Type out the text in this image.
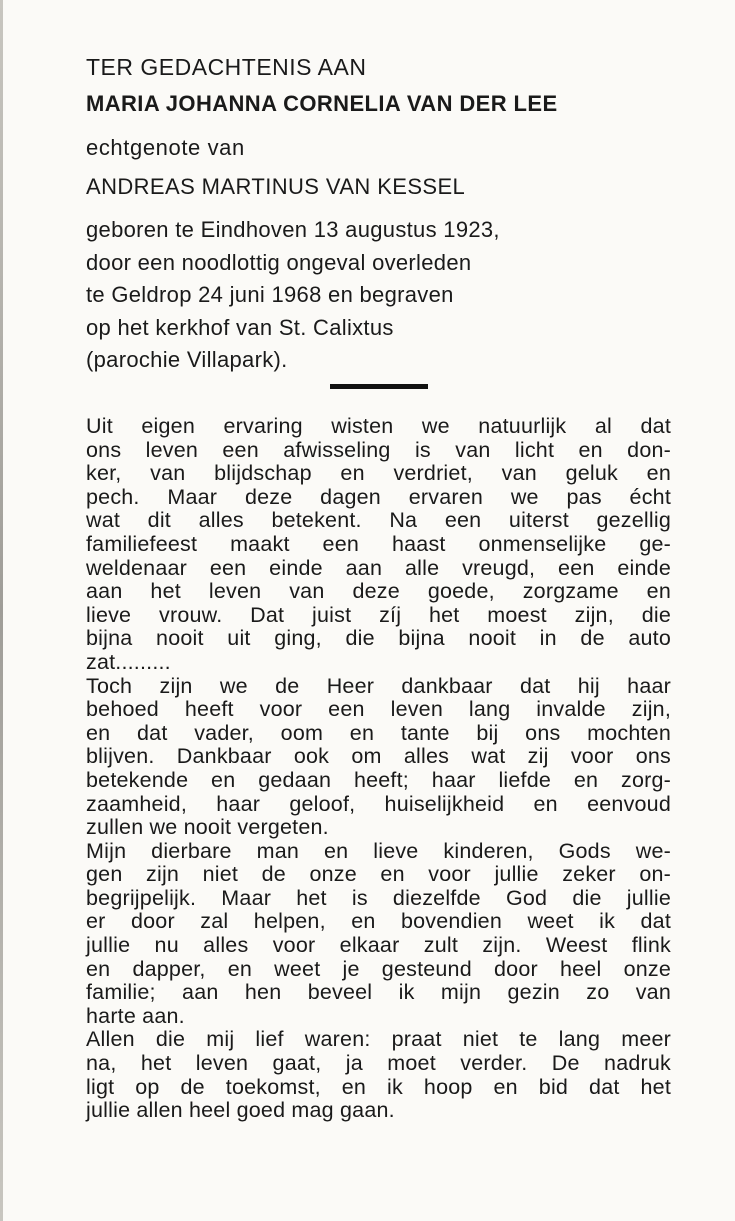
TER GEDACHTENIS AAN
MARIA JOHANNA CORNELIA VAN DER LEE
echtgenote van
ANDREAS MARTINUS VAN KESSEL
geboren te Eindhoven 13 augustus 1923,
door een noodlottig ongeval overleden
te Geldrop 24 juni 1968 en begraven
op het kerkhof van St. Calixtus
(parochie Villapark).
Uit eigen ervaring wisten we natuurlijk al dat
ons leven een afwisseling is van licht en don-
ker, van blijdschap en verdriet, van geluk en
pech. Maar deze dagen ervaren we pas écht
wat dit alles betekent. Na een uiterst gezellig
familiefeest maakt een haast onmenselijke ge-
weldenaar een einde aan alle vreugd, een einde
aan het leven van deze goede, zorgzame en
lieve vrouw. Dat juist zíj het moest zijn, die
bijna nooit uit ging, die bijna nooit in de auto
zat.........
Toch zijn we de Heer dankbaar dat hij haar
behoed heeft voor een leven lang invalde zijn,
en dat vader, oom en tante bij ons mochten
blijven. Dankbaar ook om alles wat zij voor ons
betekende en gedaan heeft; haar liefde en zorg-
zaamheid, haar geloof, huiselijkheid en eenvoud
zullen we nooit vergeten.
Mijn dierbare man en lieve kinderen, Gods we-
gen zijn niet de onze en voor jullie zeker on-
begrijpelijk. Maar het is diezelfde God die jullie
er door zal helpen, en bovendien weet ik dat
jullie nu alles voor elkaar zult zijn. Weest flink
en dapper, en weet je gesteund door heel onze
familie; aan hen beveel ik mijn gezin zo van
harte aan.
Allen die mij lief waren: praat niet te lang meer
na, het leven gaat, ja moet verder. De nadruk
ligt op de toekomst, en ik hoop en bid dat het
jullie allen heel goed mag gaan.
